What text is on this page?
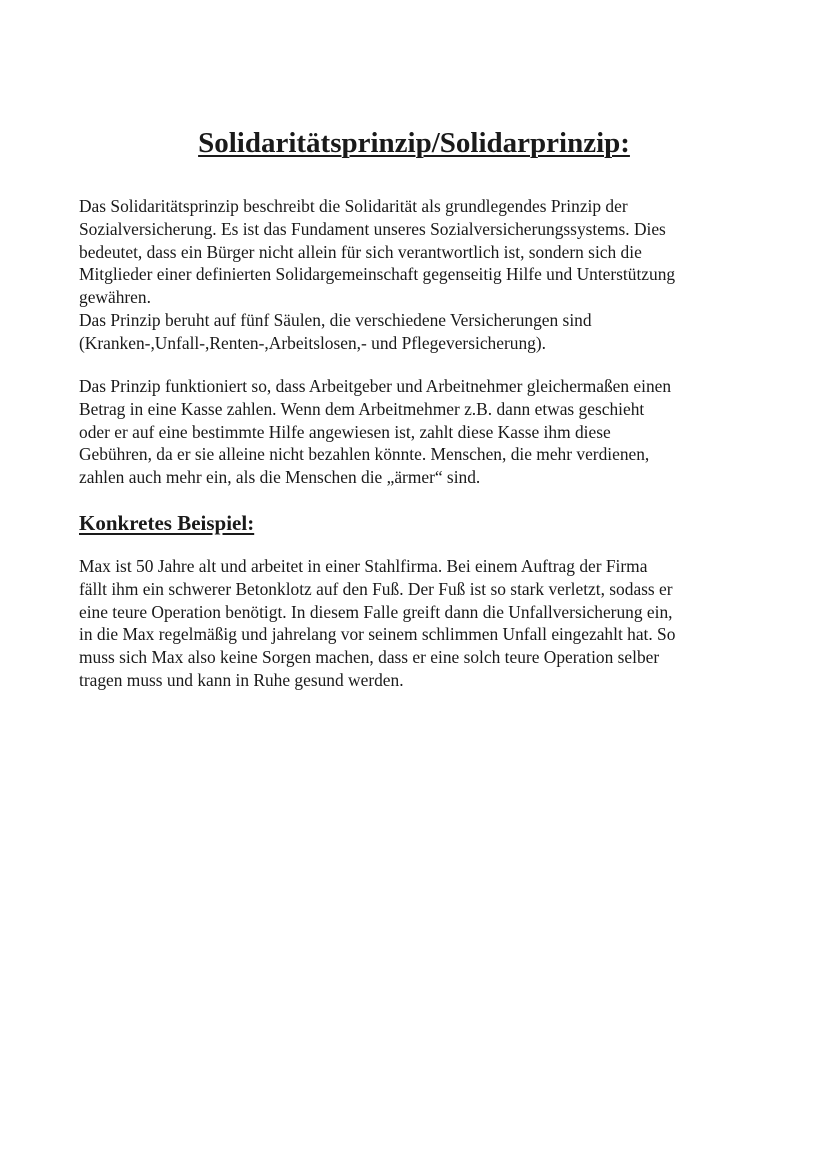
Solidaritätsprinzip/Solidarprinzip:

Das Solidaritätsprinzip beschreibt die Solidarität als grundlegendes Prinzip der
Sozialversicherung. Es ist das Fundament unseres Sozialversicherungssystems. Dies
bedeutet, dass ein Bürger nicht allein für sich verantwortlich ist, sondern sich die
Mitglieder einer definierten Solidargemeinschaft gegenseitig Hilfe und Unterstützung
gewähren.
Das Prinzip beruht auf fünf Säulen, die verschiedene Versicherungen sind
(Kranken-,Unfall-,Renten-,Arbeitslosen,- und Pflegeversicherung).

Das Prinzip funktioniert so, dass Arbeitgeber und Arbeitnehmer gleichermaßen einen
Betrag in eine Kasse zahlen. Wenn dem Arbeitmehmer z.B. dann etwas geschieht
oder er auf eine bestimmte Hilfe angewiesen ist, zahlt diese Kasse ihm diese
Gebühren, da er sie alleine nicht bezahlen könnte. Menschen, die mehr verdienen,
zahlen auch mehr ein, als die Menschen die „ärmer“ sind.

Konkretes Beispiel:

Max ist 50 Jahre alt und arbeitet in einer Stahlfirma. Bei einem Auftrag der Firma
fällt ihm ein schwerer Betonklotz auf den Fuß. Der Fuß ist so stark verletzt, sodass er
eine teure Operation benötigt. In diesem Falle greift dann die Unfallversicherung ein,
in die Max regelmäßig und jahrelang vor seinem schlimmen Unfall eingezahlt hat. So
muss sich Max also keine Sorgen machen, dass er eine solch teure Operation selber
tragen muss und kann in Ruhe gesund werden.
